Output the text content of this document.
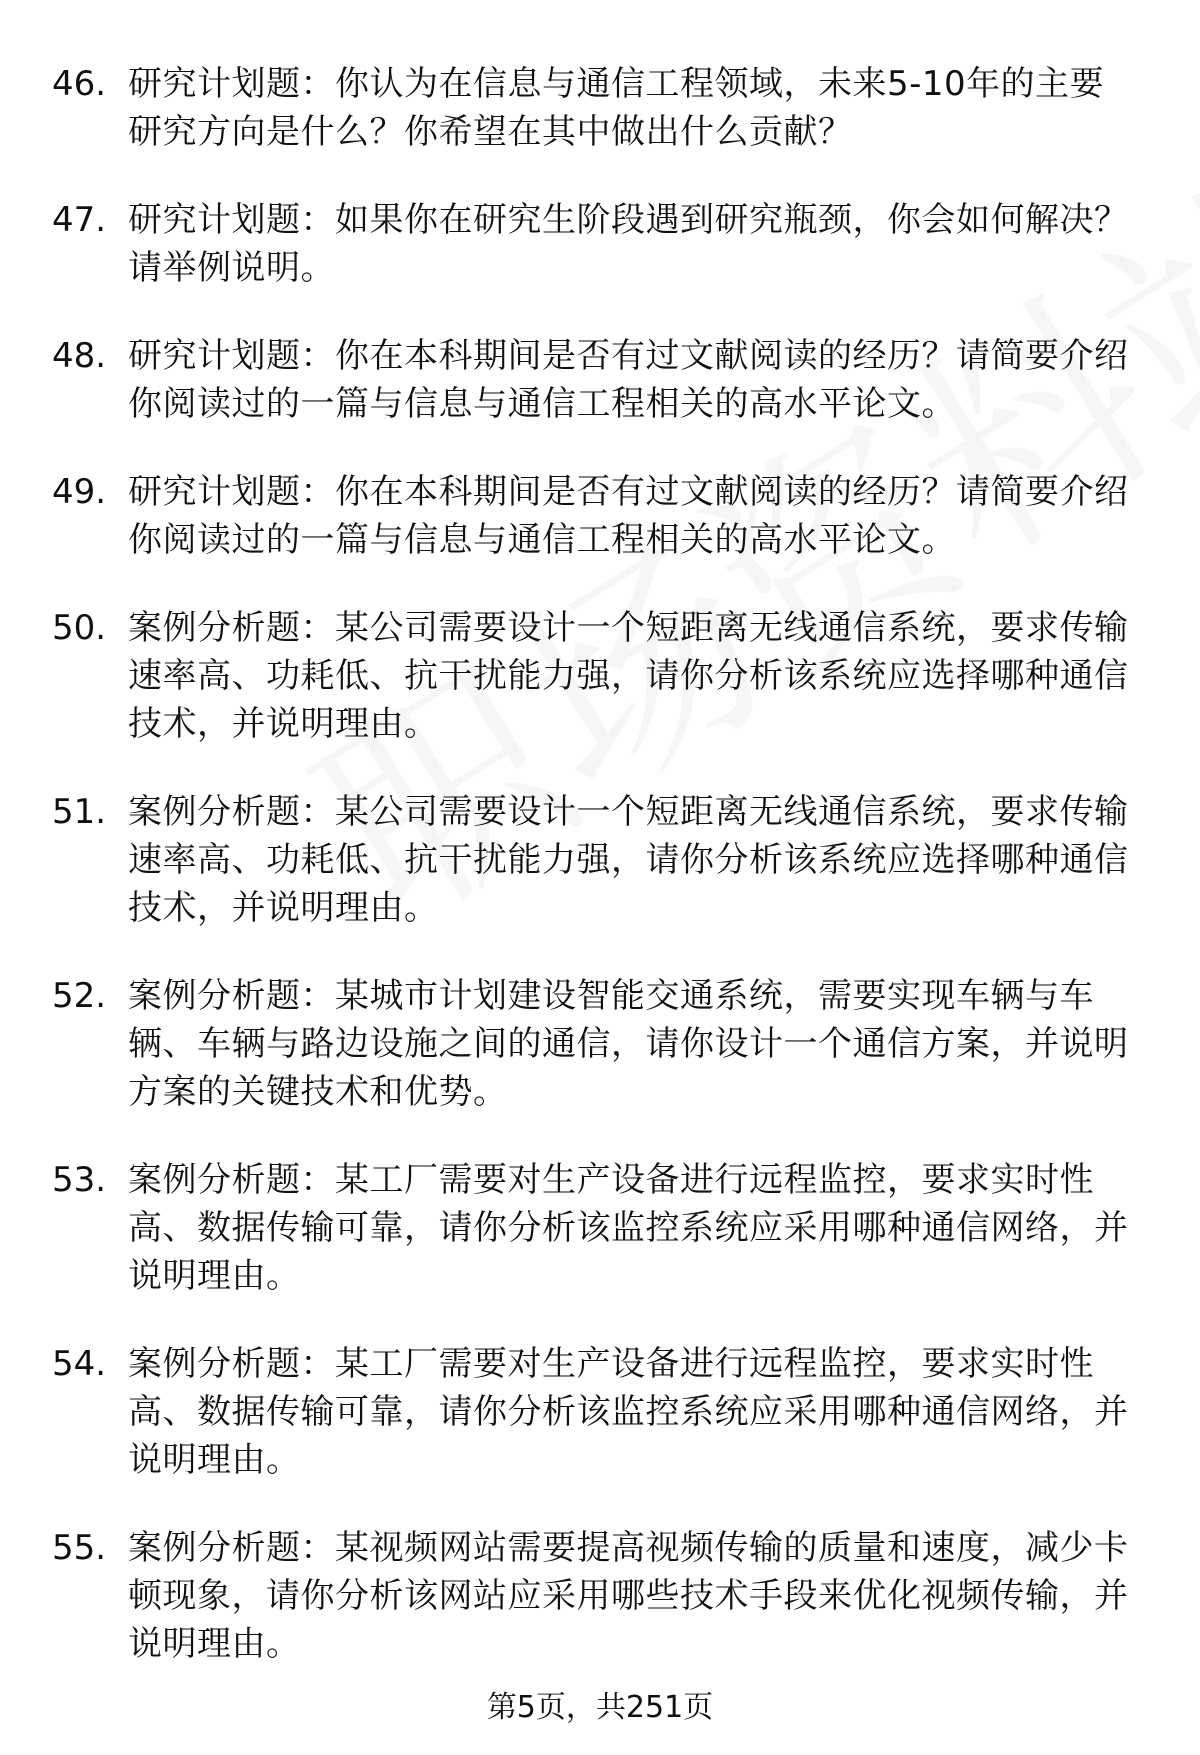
46. 研究计划题：你认为在信息与通信工程领域，未来5-10年的主要研究方向是什么？你希望在其中做出什么贡献？
47. 研究计划题：如果你在研究生阶段遇到研究瓶颈，你会如何解决？请举例说明。
48. 研究计划题：你在本科期间是否有过文献阅读的经历？请简要介绍你阅读过的一篇与信息与通信工程相关的高水平论文。
49. 研究计划题：你在本科期间是否有过文献阅读的经历？请简要介绍你阅读过的一篇与信息与通信工程相关的高水平论文。
50. 案例分析题：某公司需要设计一个短距离无线通信系统，要求传输速率高、功耗低、抗干扰能力强，请你分析该系统应选择哪种通信技术，并说明理由。
51. 案例分析题：某公司需要设计一个短距离无线通信系统，要求传输速率高、功耗低、抗干扰能力强，请你分析该系统应选择哪种通信技术，并说明理由。
52. 案例分析题：某城市计划建设智能交通系统，需要实现车辆与车辆、车辆与路边设施之间的通信，请你设计一个通信方案，并说明方案的关键技术和优势。
53. 案例分析题：某工厂需要对生产设备进行远程监控，要求实时性高、数据传输可靠，请你分析该监控系统应采用哪种通信网络，并说明理由。
54. 案例分析题：某工厂需要对生产设备进行远程监控，要求实时性高、数据传输可靠，请你分析该监控系统应采用哪种通信网络，并说明理由。
55. 案例分析题：某视频网站需要提高视频传输的质量和速度，减少卡顿现象，请你分析该网站应采用哪些技术手段来优化视频传输，并说明理由。
第5页，共251页
